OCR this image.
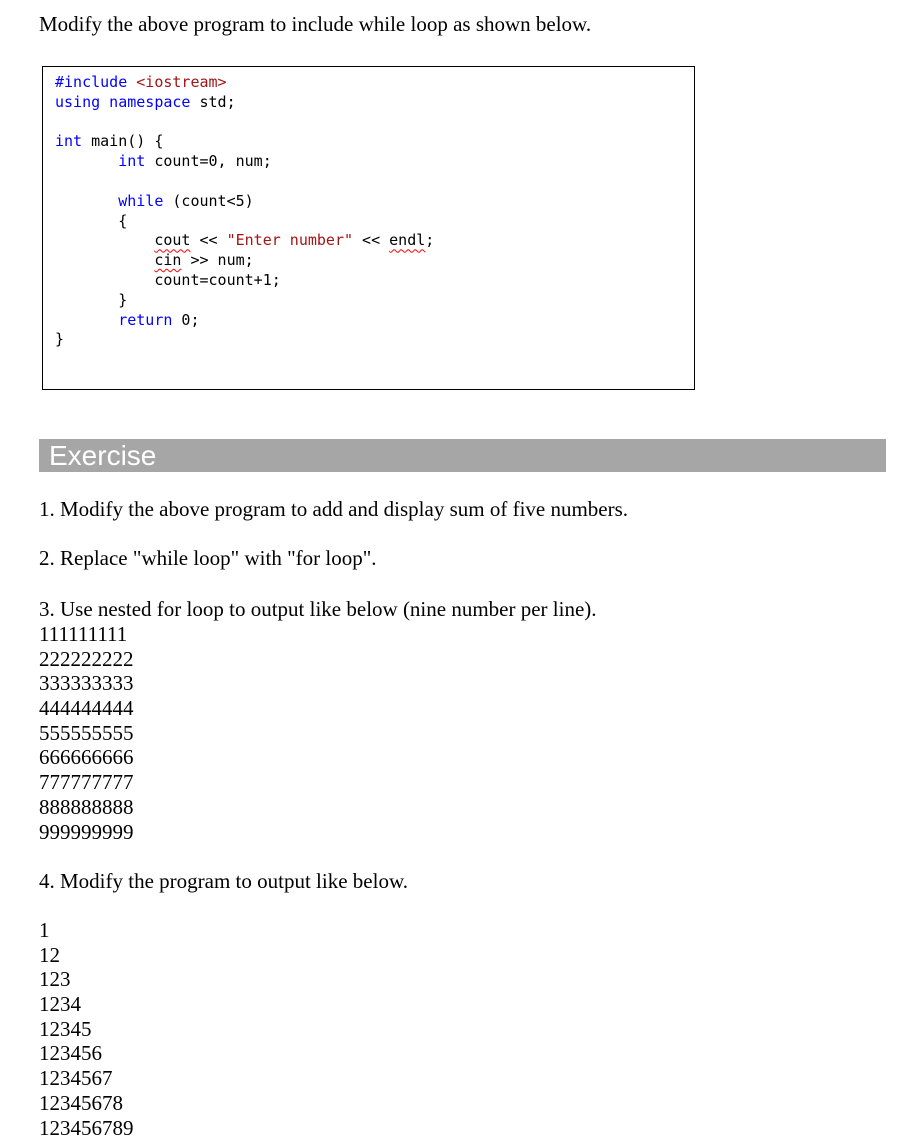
Modify the above program to include while loop as shown below.

#include <iostream>
using namespace std;
int main() {
int count=0, num;
while (count<5)
{
cout << "Enter number" << endl;
cin >> num;
count=count+1;
}
return 0;
}
Exercise

1. Modify the above program to add and display sum of five numbers.

2. Replace "while loop" with "for loop".

3. Use nested for loop to output like below (nine number per line).

111111111
222222222
333333333
444444444
555555555
666666666
777777777
888888888
999999999

4. Modify the program to output like below.

1
12
123
1234
12345
123456
1234567
12345678
123456789
